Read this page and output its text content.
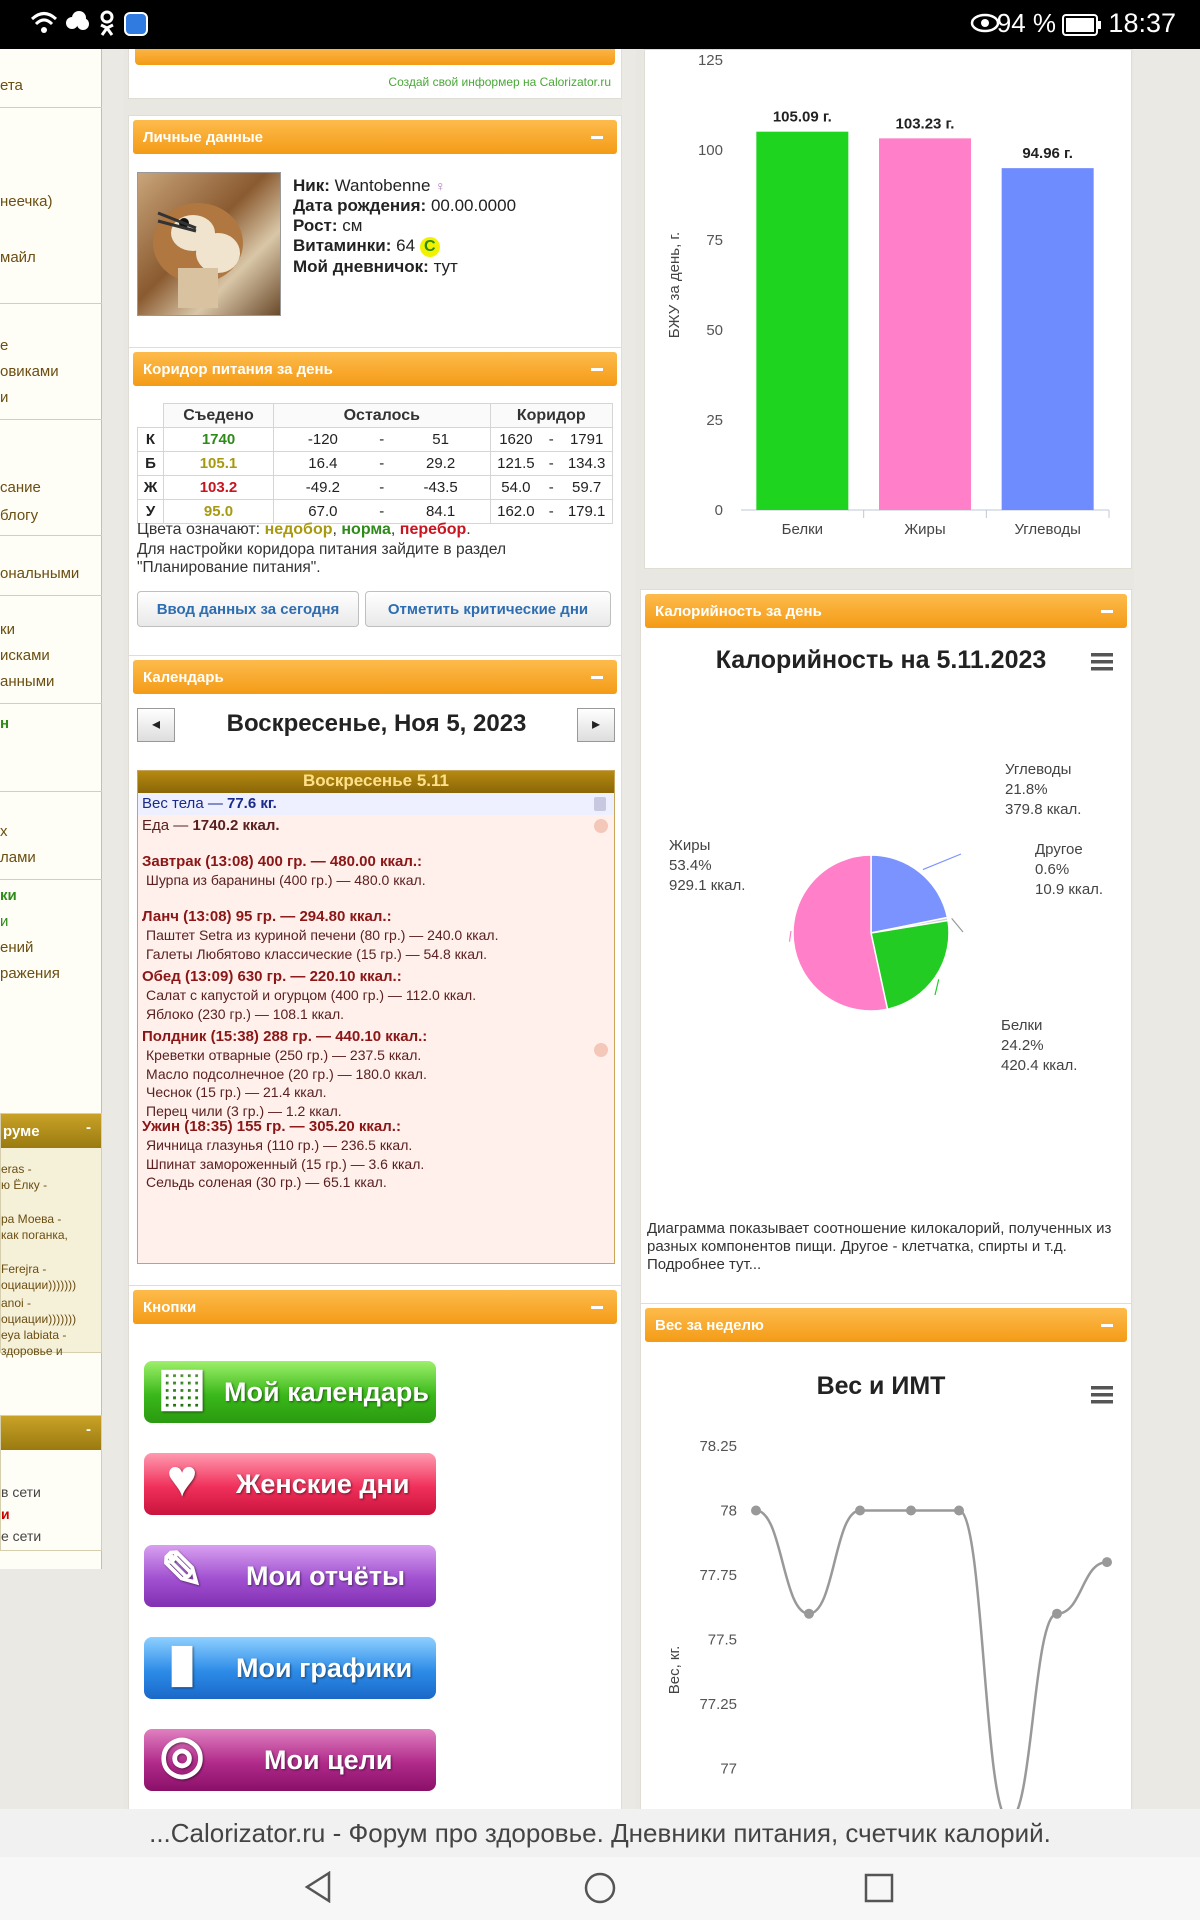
94 % 18:37
ета
неечка)
майл
е
овиками
и
сание
блогу
ональными
ки
исками
анными
н
х
лами
ки
и
ений
ражения
руме	-
eras -
ю Ёлку -
ра Моева -
как поганка,
Ferejra -
оциации)))))))
anoi -
оциации)))))))
eya labiata -
здоровье и
-
в сети
и
е сети
Создай свой информер на Calorizator.ru
Личные данные
Ник: Wantobenne ♀
Дата рождения: 00.00.0000
Рост: см
Витаминки: 64 C
Мой дневничок: тут
Коридор питания за день
	Съедено	Осталось			Коридор		
К	1740	-120	-	51	1620	-	1791
Б	105.1	16.4	-	29.2	121.5	-	134.3
Ж	103.2	-49.2	-	-43.5	54.0	-	59.7
У	95.0	67.0	-	84.1	162.0	-	179.1
Цвета означают: недобор, норма, перебор.
Для настройки коридора питания зайдите в раздел "Планирование питания".
Ввод данных за сегодня	Отметить критические дни
Календарь
◂	Воскресенье, Ноя 5, 2023	▸
Воскресенье 5.11
Вес тела — 77.6 кг.
Еда — 1740.2 ккал.
Завтрак (13:08) 400 гр. — 480.00 ккал.:
Шурпа из баранины (400 гр.) — 480.0 ккал.
Ланч (13:08) 95 гр. — 294.80 ккал.:
Паштет Setra из куриной печени (80 гр.) — 240.0 ккал.
Галеты Любятово классические (15 гр.) — 54.8 ккал.
Обед (13:09) 630 гр. — 220.10 ккал.:
Салат с капустой и огурцом (400 гр.) — 112.0 ккал.
Яблоко (230 гр.) — 108.1 ккал.
Полдник (15:38) 288 гр. — 440.10 ккал.:
Креветки отварные (250 гр.) — 237.5 ккал.
Масло подсолнечное (20 гр.) — 180.0 ккал.
Чеснок (15 гр.) — 21.4 ккал.
Перец чили (3 гр.) — 1.2 ккал.
Ужин (18:35) 155 гр. — 305.20 ккал.:
Яичница глазунья (110 гр.) — 236.5 ккал.
Шпинат замороженный (15 гр.) — 3.6 ккал.
Сельдь соленая (30 гр.) — 65.1 ккал.
Кнопки
▦ Мой календарь
♥	Женские дни
✎	Мои отчёты
▮	Мои графики
◎	Мои цели
125
100
75
50
25
0
БЖУ за день, г.
105.09 г.
Белки
103.23 г.
Жиры
94.96 г.
Углеводы
Калорийность за день
Калорийность на 5.11.2023
Углеводы
21.8%
379.8 ккал.
Другое
0.6%
10.9 ккал.
Белки
24.2%
420.4 ккал.
Жиры
53.4%
929.1 ккал.
Диаграмма показывает соотношение килокалорий, полученных из разных компонентов пищи. Другое - клетчатка, спирты и т.д. Подробнее тут...
Вес за неделю
Вес и ИМТ
78.25
78
77.75
77.5
77.25
77
Вес, кг.
...Calorizator.ru - Форум про здоровье. Дневники питания, счетчик калорий.
